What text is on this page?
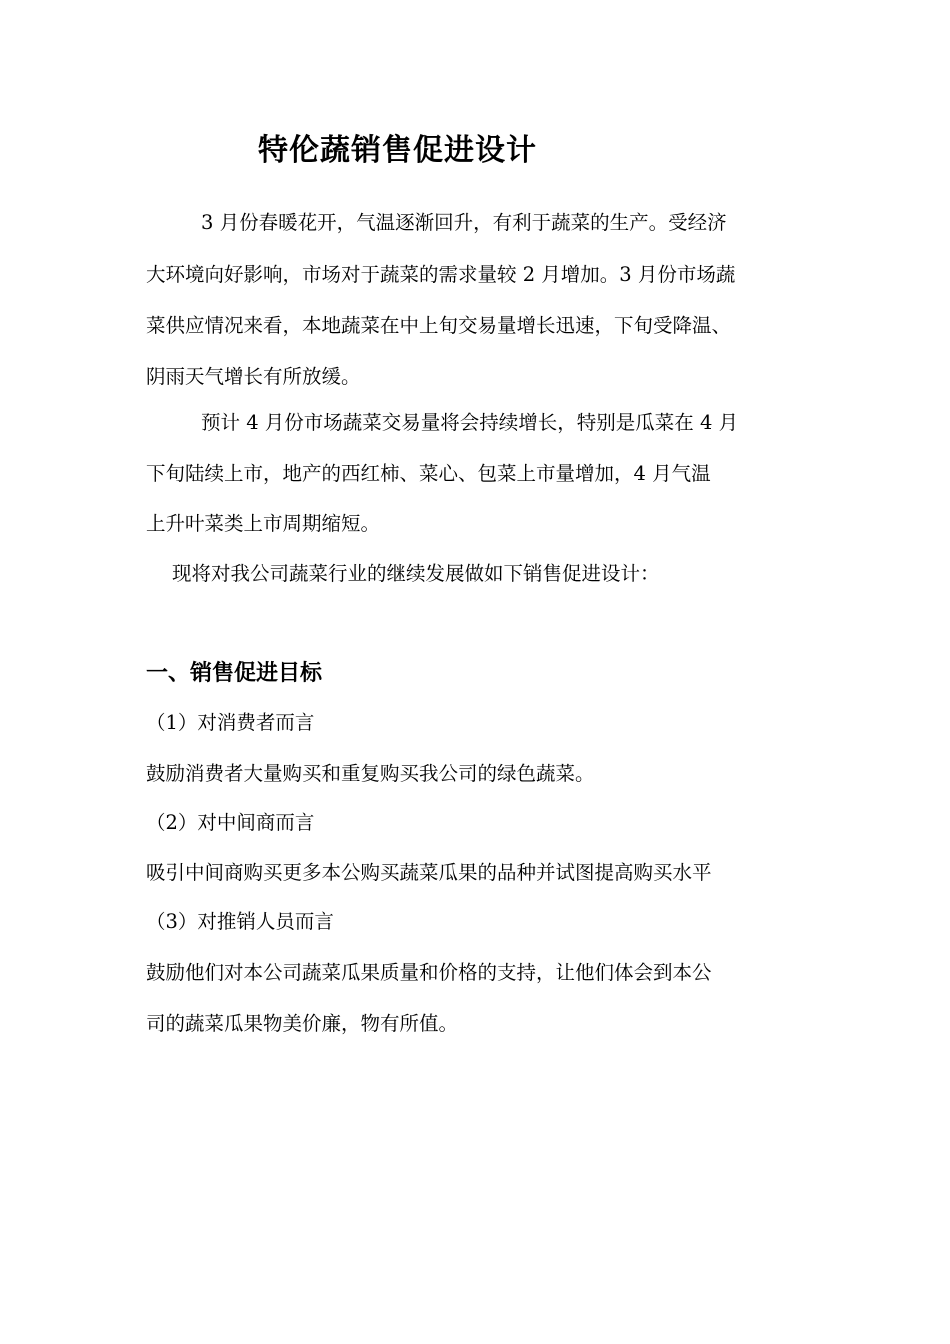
特伦蔬销售促进设计
3 月份春暖花开，气温逐渐回升，有利于蔬菜的生产。受经济
大环境向好影响，市场对于蔬菜的需求量较 2 月增加。3 月份市场蔬
菜供应情况来看，本地蔬菜在中上旬交易量增长迅速，下旬受降温、
阴雨天气增长有所放缓。
预计 4 月份市场蔬菜交易量将会持续增长，特别是瓜菜在 4 月
下旬陆续上市，地产的西红柿、菜心、包菜上市量增加，4 月气温
上升叶菜类上市周期缩短。
现将对我公司蔬菜行业的继续发展做如下销售促进设计：
一、销售促进目标
（1）对消费者而言
鼓励消费者大量购买和重复购买我公司的绿色蔬菜。
（2）对中间商而言
吸引中间商购买更多本公购买蔬菜瓜果的品种并试图提高购买水平
（3）对推销人员而言
鼓励他们对本公司蔬菜瓜果质量和价格的支持，让他们体会到本公
司的蔬菜瓜果物美价廉，物有所值。
